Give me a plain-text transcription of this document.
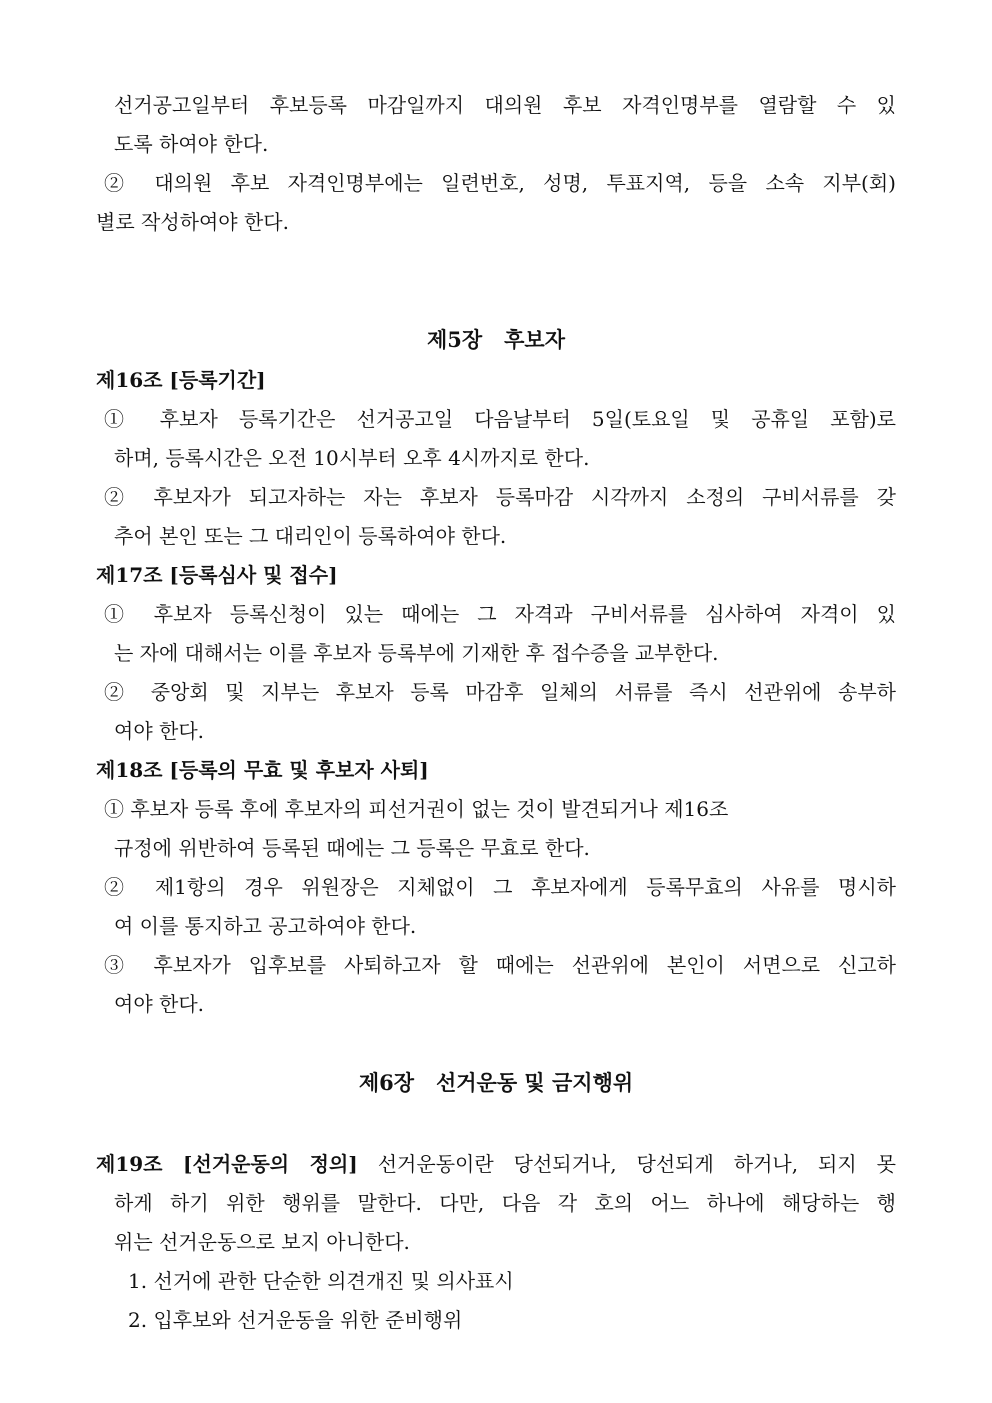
선거공고일부터 후보등록 마감일까지 대의원 후보 자격인명부를 열람할 수 있
도록 하여야 한다.
② 대의원 후보 자격인명부에는 일련번호, 성명, 투표지역, 등을 소속 지부(회)
별로 작성하여야 한다.
제5장   후보자
제16조 [등록기간]
① 후보자 등록기간은 선거공고일 다음날부터 5일(토요일 및 공휴일 포함)로
하며, 등록시간은 오전 10시부터 오후 4시까지로 한다.
② 후보자가 되고자하는 자는 후보자 등록마감 시각까지 소정의 구비서류를 갖
추어 본인 또는 그 대리인이 등록하여야 한다.
제17조 [등록심사 및 접수]
① 후보자 등록신청이 있는 때에는 그 자격과 구비서류를 심사하여 자격이 있
는 자에 대해서는 이를 후보자 등록부에 기재한 후 접수증을 교부한다.
② 중앙회 및 지부는 후보자 등록 마감후 일체의 서류를 즉시 선관위에 송부하
여야 한다.
제18조 [등록의 무효 및 후보자 사퇴]
① 후보자 등록 후에 후보자의 피선거권이 없는 것이 발견되거나 제16조
규정에 위반하여 등록된 때에는 그 등록은 무효로 한다.
② 제1항의 경우 위원장은 지체없이 그 후보자에게 등록무효의 사유를 명시하
여 이를 통지하고 공고하여야 한다.
③ 후보자가 입후보를 사퇴하고자 할 때에는 선관위에 본인이 서면으로 신고하
여야 한다.
제6장   선거운동 및 금지행위
제19조 [선거운동의 정의] 선거운동이란 당선되거나, 당선되게 하거나, 되지 못
하게 하기 위한 행위를 말한다. 다만, 다음 각 호의 어느 하나에 해당하는 행
위는 선거운동으로 보지 아니한다.
1. 선거에 관한 단순한 의견개진 및 의사표시
2. 입후보와 선거운동을 위한 준비행위
